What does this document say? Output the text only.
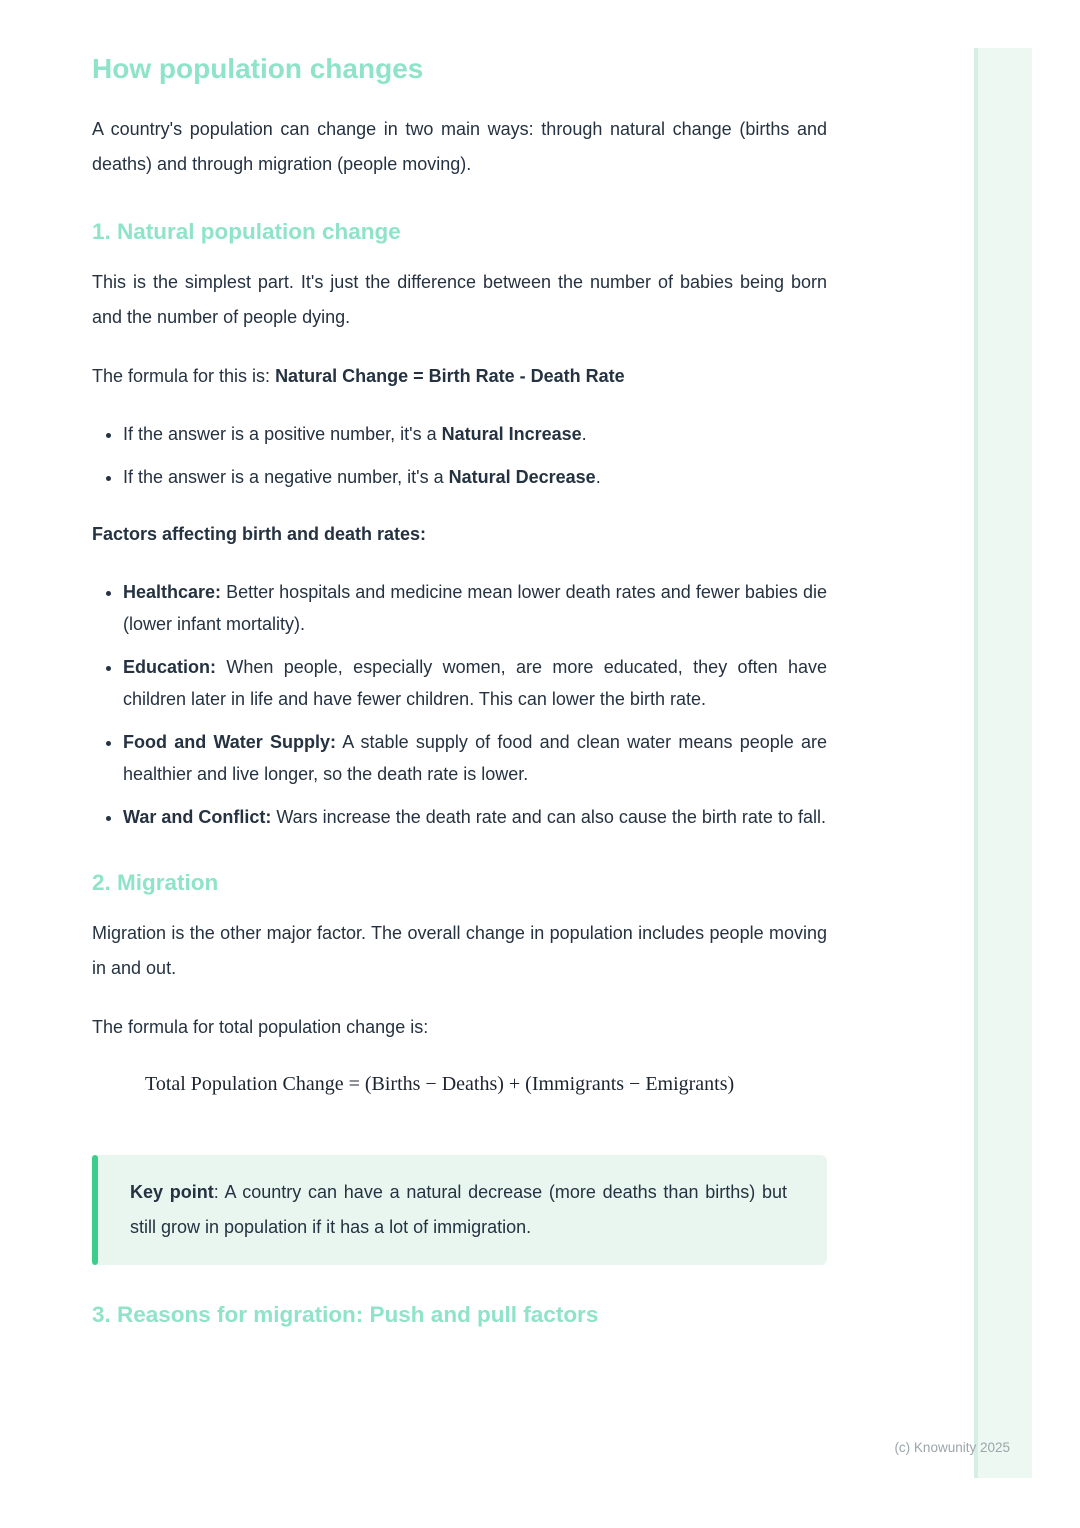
How population changes

A country's population can change in two main ways: through natural change (births and deaths) and through migration (people moving).

1. Natural population change

This is the simplest part. It's just the difference between the number of babies being born and the number of people dying.

The formula for this is: Natural Change = Birth Rate - Death Rate

• If the answer is a positive number, it's a Natural Increase.
• If the answer is a negative number, it's a Natural Decrease.

Factors affecting birth and death rates:

• Healthcare: Better hospitals and medicine mean lower death rates and fewer babies die (lower infant mortality).
• Education: When people, especially women, are more educated, they often have children later in life and have fewer children. This can lower the birth rate.
• Food and Water Supply: A stable supply of food and clean water means people are healthier and live longer, so the death rate is lower.
• War and Conflict: Wars increase the death rate and can also cause the birth rate to fall.
2. Migration

Migration is the other major factor. The overall change in population includes people moving in and out.

The formula for total population change is:

Total Population Change = (Births − Deaths) + (Immigrants − Emigrants)

Key point: A country can have a natural decrease (more deaths than births) but still grow in population if it has a lot of immigration.

3. Reasons for migration: Push and pull factors
(c) Knowunity 2025
